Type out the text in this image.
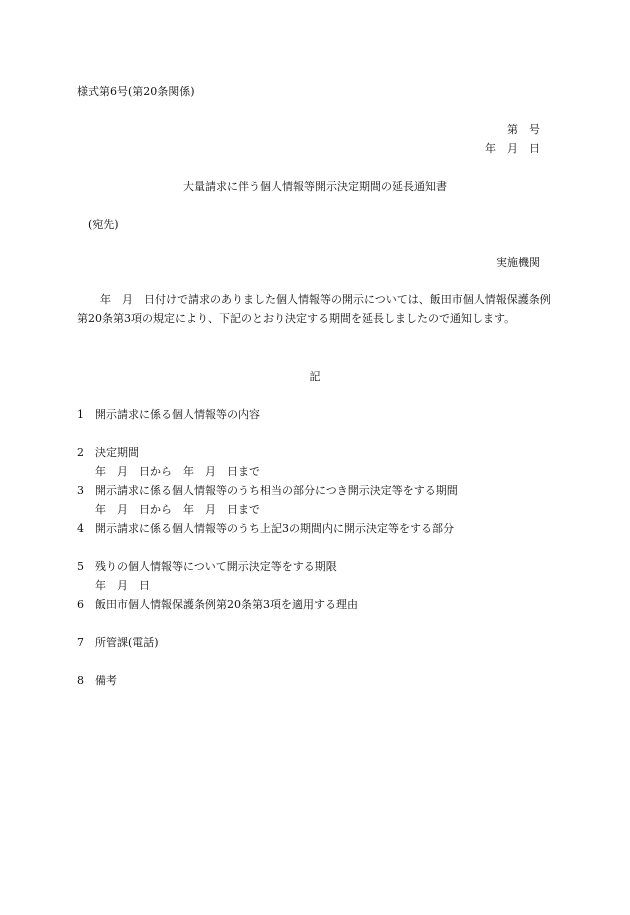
様式第6号(第20条関係)
第　号
年　月　日
大量請求に伴う個人情報等開示決定期間の延長通知書
(宛先)
実施機関
年　月　日付けで請求のありました個人情報等の開示については、飯田市個人情報保護条例第20条第3項の規定により、下記のとおり決定する期間を延長しましたので通知します。
記
1 開示請求に係る個人情報等の内容
2 決定期間
年　月　日から　年　月　日まで
3 開示請求に係る個人情報等のうち相当の部分につき開示決定等をする期間
年　月　日から　年　月　日まで
4 開示請求に係る個人情報等のうち上記3の期間内に開示決定等をする部分
5 残りの個人情報等について開示決定等をする期限
年　月　日
6 飯田市個人情報保護条例第20条第3項を適用する理由
7 所管課(電話)
8 備考
